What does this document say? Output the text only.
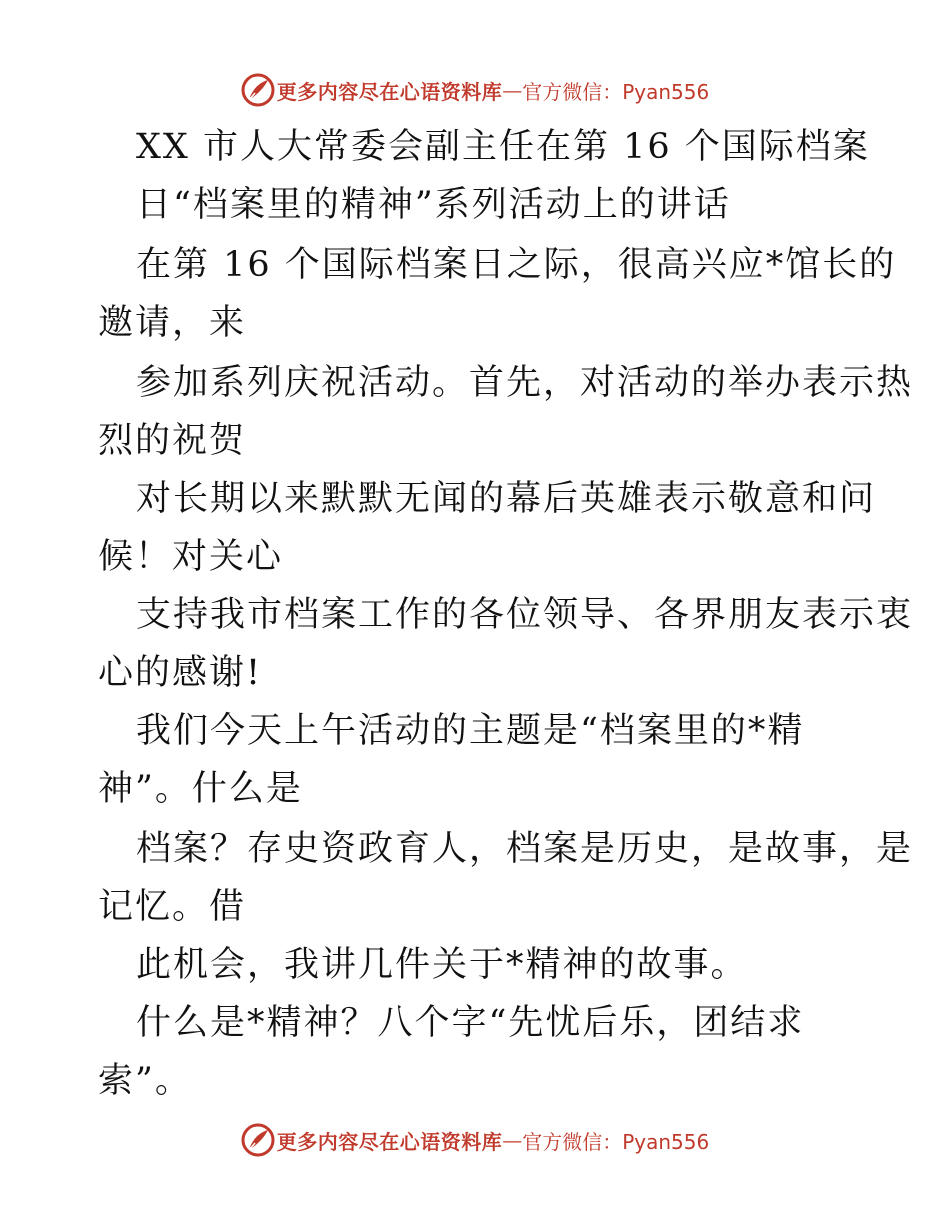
更多内容尽在心语资料库 — 官方微信：Pyan556
XX 市人大常委会副主任在第 16 个国际档案
日“档案里的精神”系列活动上的讲话
在第 16 个国际档案日之际，很高兴应*馆长的
邀请，来
参加系列庆祝活动。首先，对活动的举办表示热
烈的祝贺
对长期以来默默无闻的幕后英雄表示敬意和问
候！对关心
支持我市档案工作的各位领导、各界朋友表示衷
心的感谢!
我们今天上午活动的主题是“档案里的*精
神”。什么是
档案？存史资政育人，档案是历史，是故事，是
记忆。借
此机会，我讲几件关于*精神的故事。
什么是*精神？八个字“先忧后乐，团结求
索”。
更多内容尽在心语资料库 — 官方微信：Pyan556
